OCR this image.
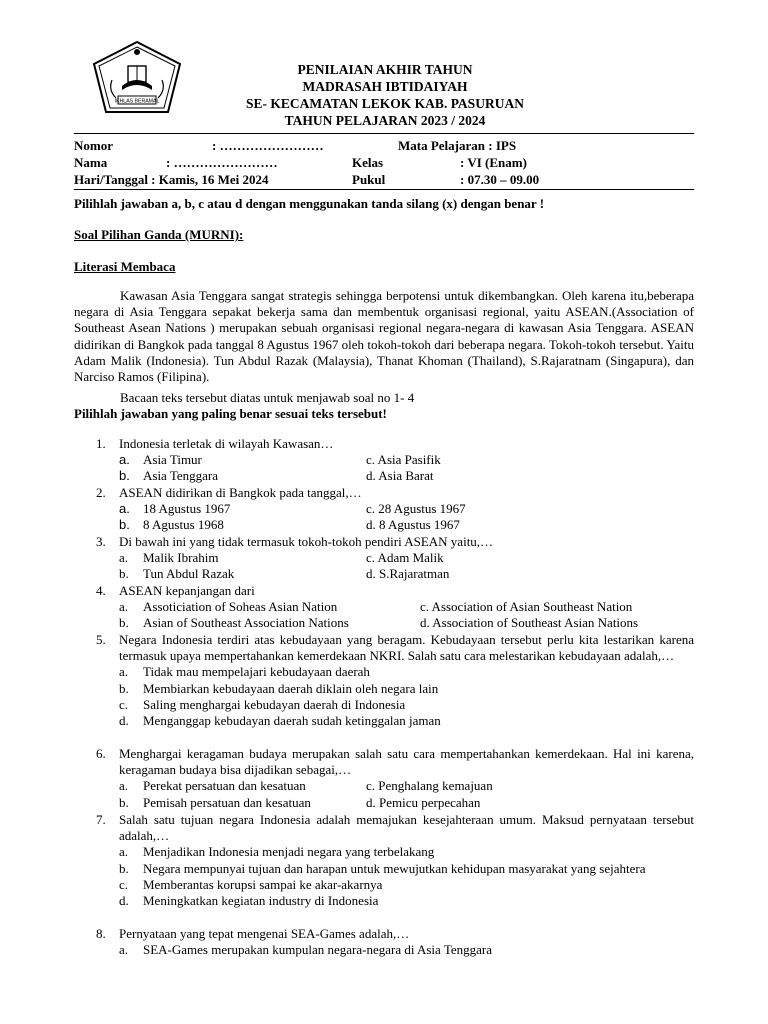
IKHLAS BERAMAL
PENILAIAN AKHIR TAHUN
MADRASAH IBTIDAIYAH
SE- KECAMATAN LEKOK KAB. PASURUAN
TAHUN PELAJARAN 2023 / 2024
Nomor	: ……………………	Mata Pelajaran : IPS
Nama	: ……………………	Kelas	: VI (Enam)
Hari/Tanggal : Kamis, 16 Mei 2024	Pukul	: 07.30 – 09.00
Pilihlah jawaban a, b, c atau d dengan menggunakan tanda silang (x) dengan benar !
Soal Pilihan Ganda (MURNI):
Literasi Membaca
Kawasan Asia Tenggara sangat strategis sehingga berpotensi untuk dikembangkan. Oleh karena itu,beberapa negara di Asia Tenggara sepakat bekerja sama dan membentuk organisasi regional, yaitu ASEAN.(Association of Southeast Asean Nations ) merupakan sebuah organisasi regional negara-negara di kawasan Asia Tenggara. ASEAN didirikan di Bangkok pada tanggal 8 Agustus 1967 oleh tokoh-tokoh dari beberapa negara. Tokoh-tokoh tersebut. Yaitu Adam Malik (Indonesia). Tun Abdul Razak (Malaysia), Thanat Khoman (Thailand), S.Rajaratnam (Singapura), dan Narciso Ramos (Filipina).
Bacaan teks tersebut diatas untuk menjawab soal no 1- 4
Pilihlah jawaban yang paling benar sesuai teks tersebut!
1.	Indonesia terletak di wilayah Kawasan…
a. Asia Timur	c. Asia Pasifik
b. Asia Tenggara	d. Asia Barat
2.	ASEAN didirikan di Bangkok pada tanggal,…
a. 18 Agustus 1967	c. 28 Agustus 1967
b. 8 Agustus 1968	d. 8 Agustus 1967
3.	Di bawah ini yang tidak termasuk tokoh-tokoh pendiri ASEAN yaitu,…
a. Malik Ibrahim	c. Adam Malik
b. Tun Abdul Razak	d. S.Rajaratman
4.	ASEAN kepanjangan dari
a. Assoticiation of Soheas Asian Nation	c. Association of Asian Southeast Nation
b. Asian of Southeast Association Nations	d. Association of Southeast Asian Nations
5.	Negara Indonesia terdiri atas kebudayaan yang beragam. Kebudayaan tersebut perlu kita lestarikan karena termasuk upaya mempertahankan kemerdekaan NKRI. Salah satu cara melestarikan kebudayaan adalah,…
a. Tidak mau mempelajari kebudayaan daerah
b. Membiarkan kebudayaan daerah diklain oleh negara lain
c. Saling menghargai kebudayan daerah di Indonesia
d. Menganggap kebudayan daerah sudah ketinggalan jaman
6.	Menghargai keragaman budaya merupakan salah satu cara mempertahankan kemerdekaan. Hal ini karena, keragaman budaya bisa dijadikan sebagai,…
a. Perekat persatuan dan kesatuan	c. Penghalang kemajuan
b. Pemisah persatuan dan kesatuan	d. Pemicu perpecahan
7.	Salah satu tujuan negara Indonesia adalah memajukan kesejahteraan umum. Maksud pernyataan tersebut adalah,…
a. Menjadikan Indonesia menjadi negara yang terbelakang
b. Negara mempunyai tujuan dan harapan untuk mewujutkan kehidupan masyarakat yang sejahtera
c. Memberantas korupsi sampai ke akar-akarnya
d. Meningkatkan kegiatan industry di Indonesia
8.	Pernyataan yang tepat mengenai SEA-Games adalah,…
a. SEA-Games merupakan kumpulan negara-negara di Asia Tenggara
